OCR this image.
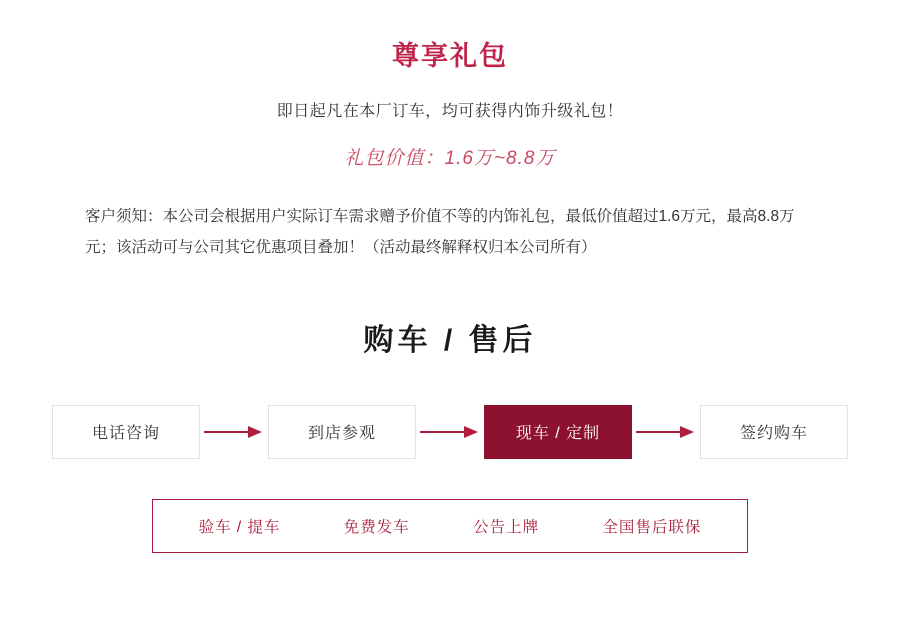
尊享礼包
即日起凡在本厂订车，均可获得内饰升级礼包！
礼包价值：1.6万~8.8万
客户须知：本公司会根据用户实际订车需求赠予价值不等的内饰礼包，最低价值超过1.6万元，最高8.8万元；该活动可与公司其它优惠项目叠加！（活动最终解释权归本公司所有）
购车 / 售后
电话咨询	到店参观	现车 / 定制	签约购车
验车 / 提车	免费发车	公告上牌	全国售后联保
